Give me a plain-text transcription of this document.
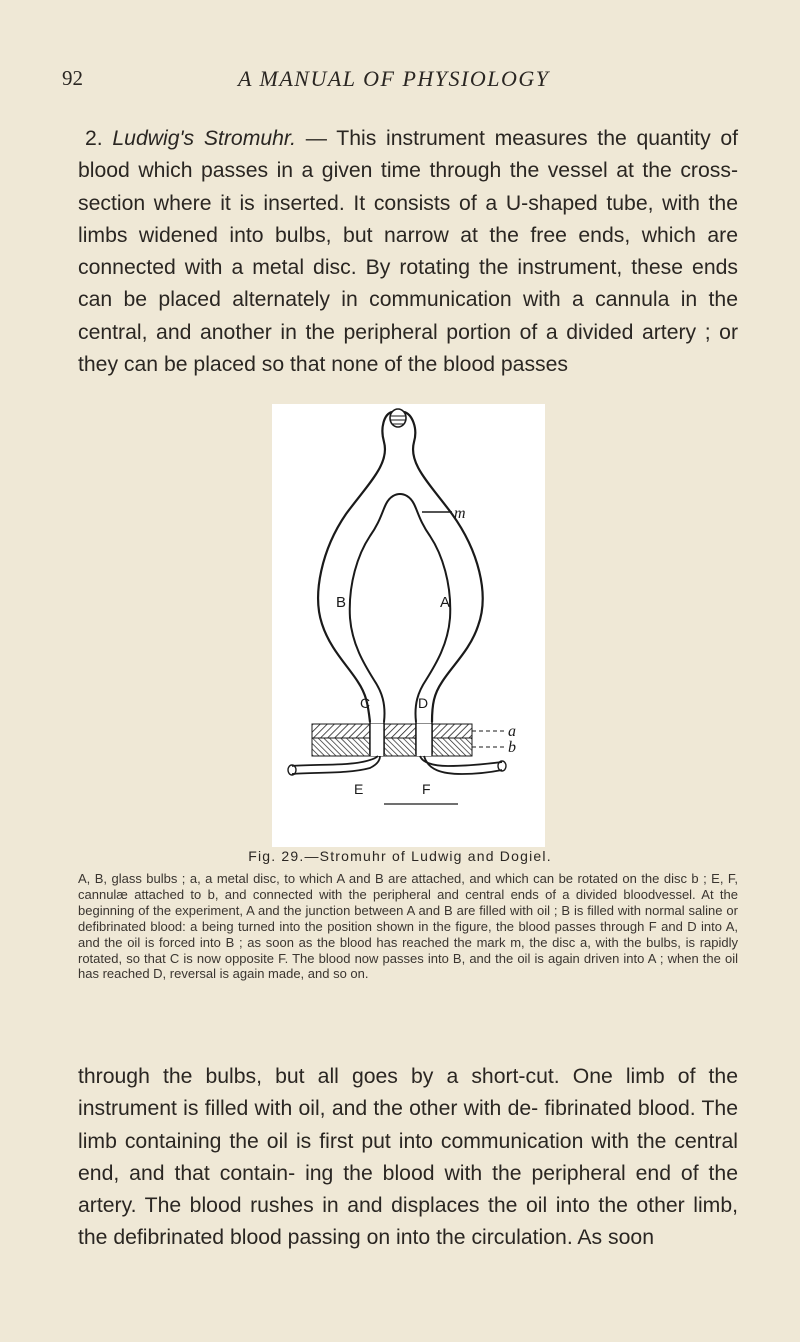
92	A MANUAL OF PHYSIOLOGY
2. Ludwig's Stromuhr. — This instrument measures the quantity of blood which passes in a given time through the vessel at the cross-section where it is inserted. It consists of a U-shaped tube, with the limbs widened into bulbs, but narrow at the free ends, which are connected with a metal disc. By rotating the instrument, these ends can be placed alternately in communication with a cannula in the central, and another in the peripheral portion of a divided artery ; or they can be placed so that none of the blood passes
m
B	A
C	D
a
b
E	F
Fig. 29.—Stromuhr of Ludwig and Dogiel.
A, B, glass bulbs ; a, a metal disc, to which A and B are attached, and which can be rotated on the disc b ; E, F, cannulæ attached to b, and connected with the peripheral and central ends of a divided bloodvessel. At the beginning of the experiment, A and the junction between A and B are filled with oil ; B is filled with normal saline or defibrinated blood: a being turned into the position shown in the figure, the blood passes through F and D into A, and the oil is forced into B ; as soon as the blood has reached the mark m, the disc a, with the bulbs, is rapidly rotated, so that C is now opposite F. The blood now passes into B, and the oil is again driven into A ; when the oil has reached D, reversal is again made, and so on.
through the bulbs, but all goes by a short-cut. One limb of the instrument is filled with oil, and the other with de- fibrinated blood. The limb containing the oil is first put into communication with the central end, and that contain- ing the blood with the peripheral end of the artery. The blood rushes in and displaces the oil into the other limb, the defibrinated blood passing on into the circulation. As soon
